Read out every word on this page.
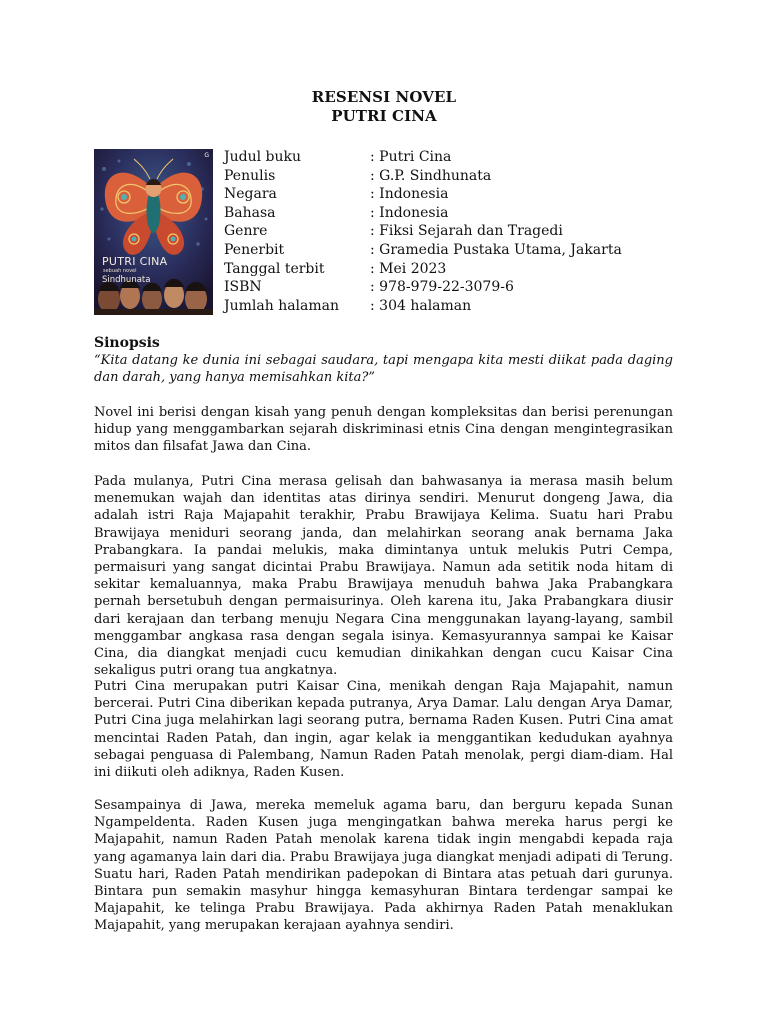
RESENSI NOVEL
PUTRI CINA
G
PUTRI CINA
sebuah novel
Sindhunata
Judul buku	: Putri Cina
Penulis	: G.P. Sindhunata
Negara	: Indonesia
Bahasa	: Indonesia
Genre	: Fiksi Sejarah dan Tragedi
Penerbit	: Gramedia Pustaka Utama, Jakarta
Tanggal terbit	: Mei 2023
ISBN	: 978-979-22-3079-6
Jumlah halaman	: 304 halaman
Sinopsis

“Kita datang ke dunia ini sebagai saudara, tapi mengapa kita mesti diikat pada daging dan darah, yang hanya memisahkan kita?”

Novel ini berisi dengan kisah yang penuh dengan kompleksitas dan berisi perenungan hidup yang menggambarkan sejarah diskriminasi etnis Cina dengan mengintegrasikan mitos dan filsafat Jawa dan Cina.

Pada mulanya, Putri Cina merasa gelisah dan bahwasanya ia merasa masih belum menemukan wajah dan identitas atas dirinya sendiri. Menurut dongeng Jawa, dia adalah istri Raja Majapahit terakhir, Prabu Brawijaya Kelima. Suatu hari Prabu Brawijaya meniduri seorang janda, dan melahirkan seorang anak bernama Jaka Prabangkara. Ia pandai melukis, maka dimintanya untuk melukis Putri Cempa, permaisuri yang sangat dicintai Prabu Brawijaya. Namun ada setitik noda hitam di sekitar kemaluannya, maka Prabu Brawijaya menuduh bahwa Jaka Prabangkara pernah bersetubuh dengan permaisurinya. Oleh karena itu, Jaka Prabangkara diusir dari kerajaan dan terbang menuju Negara Cina menggunakan layang-layang, sambil menggambar angkasa rasa dengan segala isinya. Kemasyurannya sampai ke Kaisar Cina, dia diangkat menjadi cucu kemudian dinikahkan dengan cucu Kaisar Cina sekaligus putri orang tua angkatnya.

Putri Cina merupakan putri Kaisar Cina, menikah dengan Raja Majapahit, namun bercerai. Putri Cina diberikan kepada putranya, Arya Damar. Lalu dengan Arya Damar, Putri Cina juga melahirkan lagi seorang putra, bernama Raden Kusen. Putri Cina amat mencintai Raden Patah, dan ingin, agar kelak ia menggantikan kedudukan ayahnya sebagai penguasa di Palembang, Namun Raden Patah menolak, pergi diam-diam. Hal ini diikuti oleh adiknya, Raden Kusen.

Sesampainya di Jawa, mereka memeluk agama baru, dan berguru kepada Sunan Ngampeldenta. Raden Kusen juga mengingatkan bahwa mereka harus pergi ke Majapahit, namun Raden Patah menolak karena tidak ingin mengabdi kepada raja yang agamanya lain dari dia. Prabu Brawijaya juga diangkat menjadi adipati di Terung. Suatu hari, Raden Patah mendirikan padepokan di Bintara atas petuah dari gurunya. Bintara pun semakin masyhur hingga kemasyhuran Bintara terdengar sampai ke Majapahit, ke telinga Prabu Brawijaya. Pada akhirnya Raden Patah menaklukan Majapahit, yang merupakan kerajaan ayahnya sendiri.
